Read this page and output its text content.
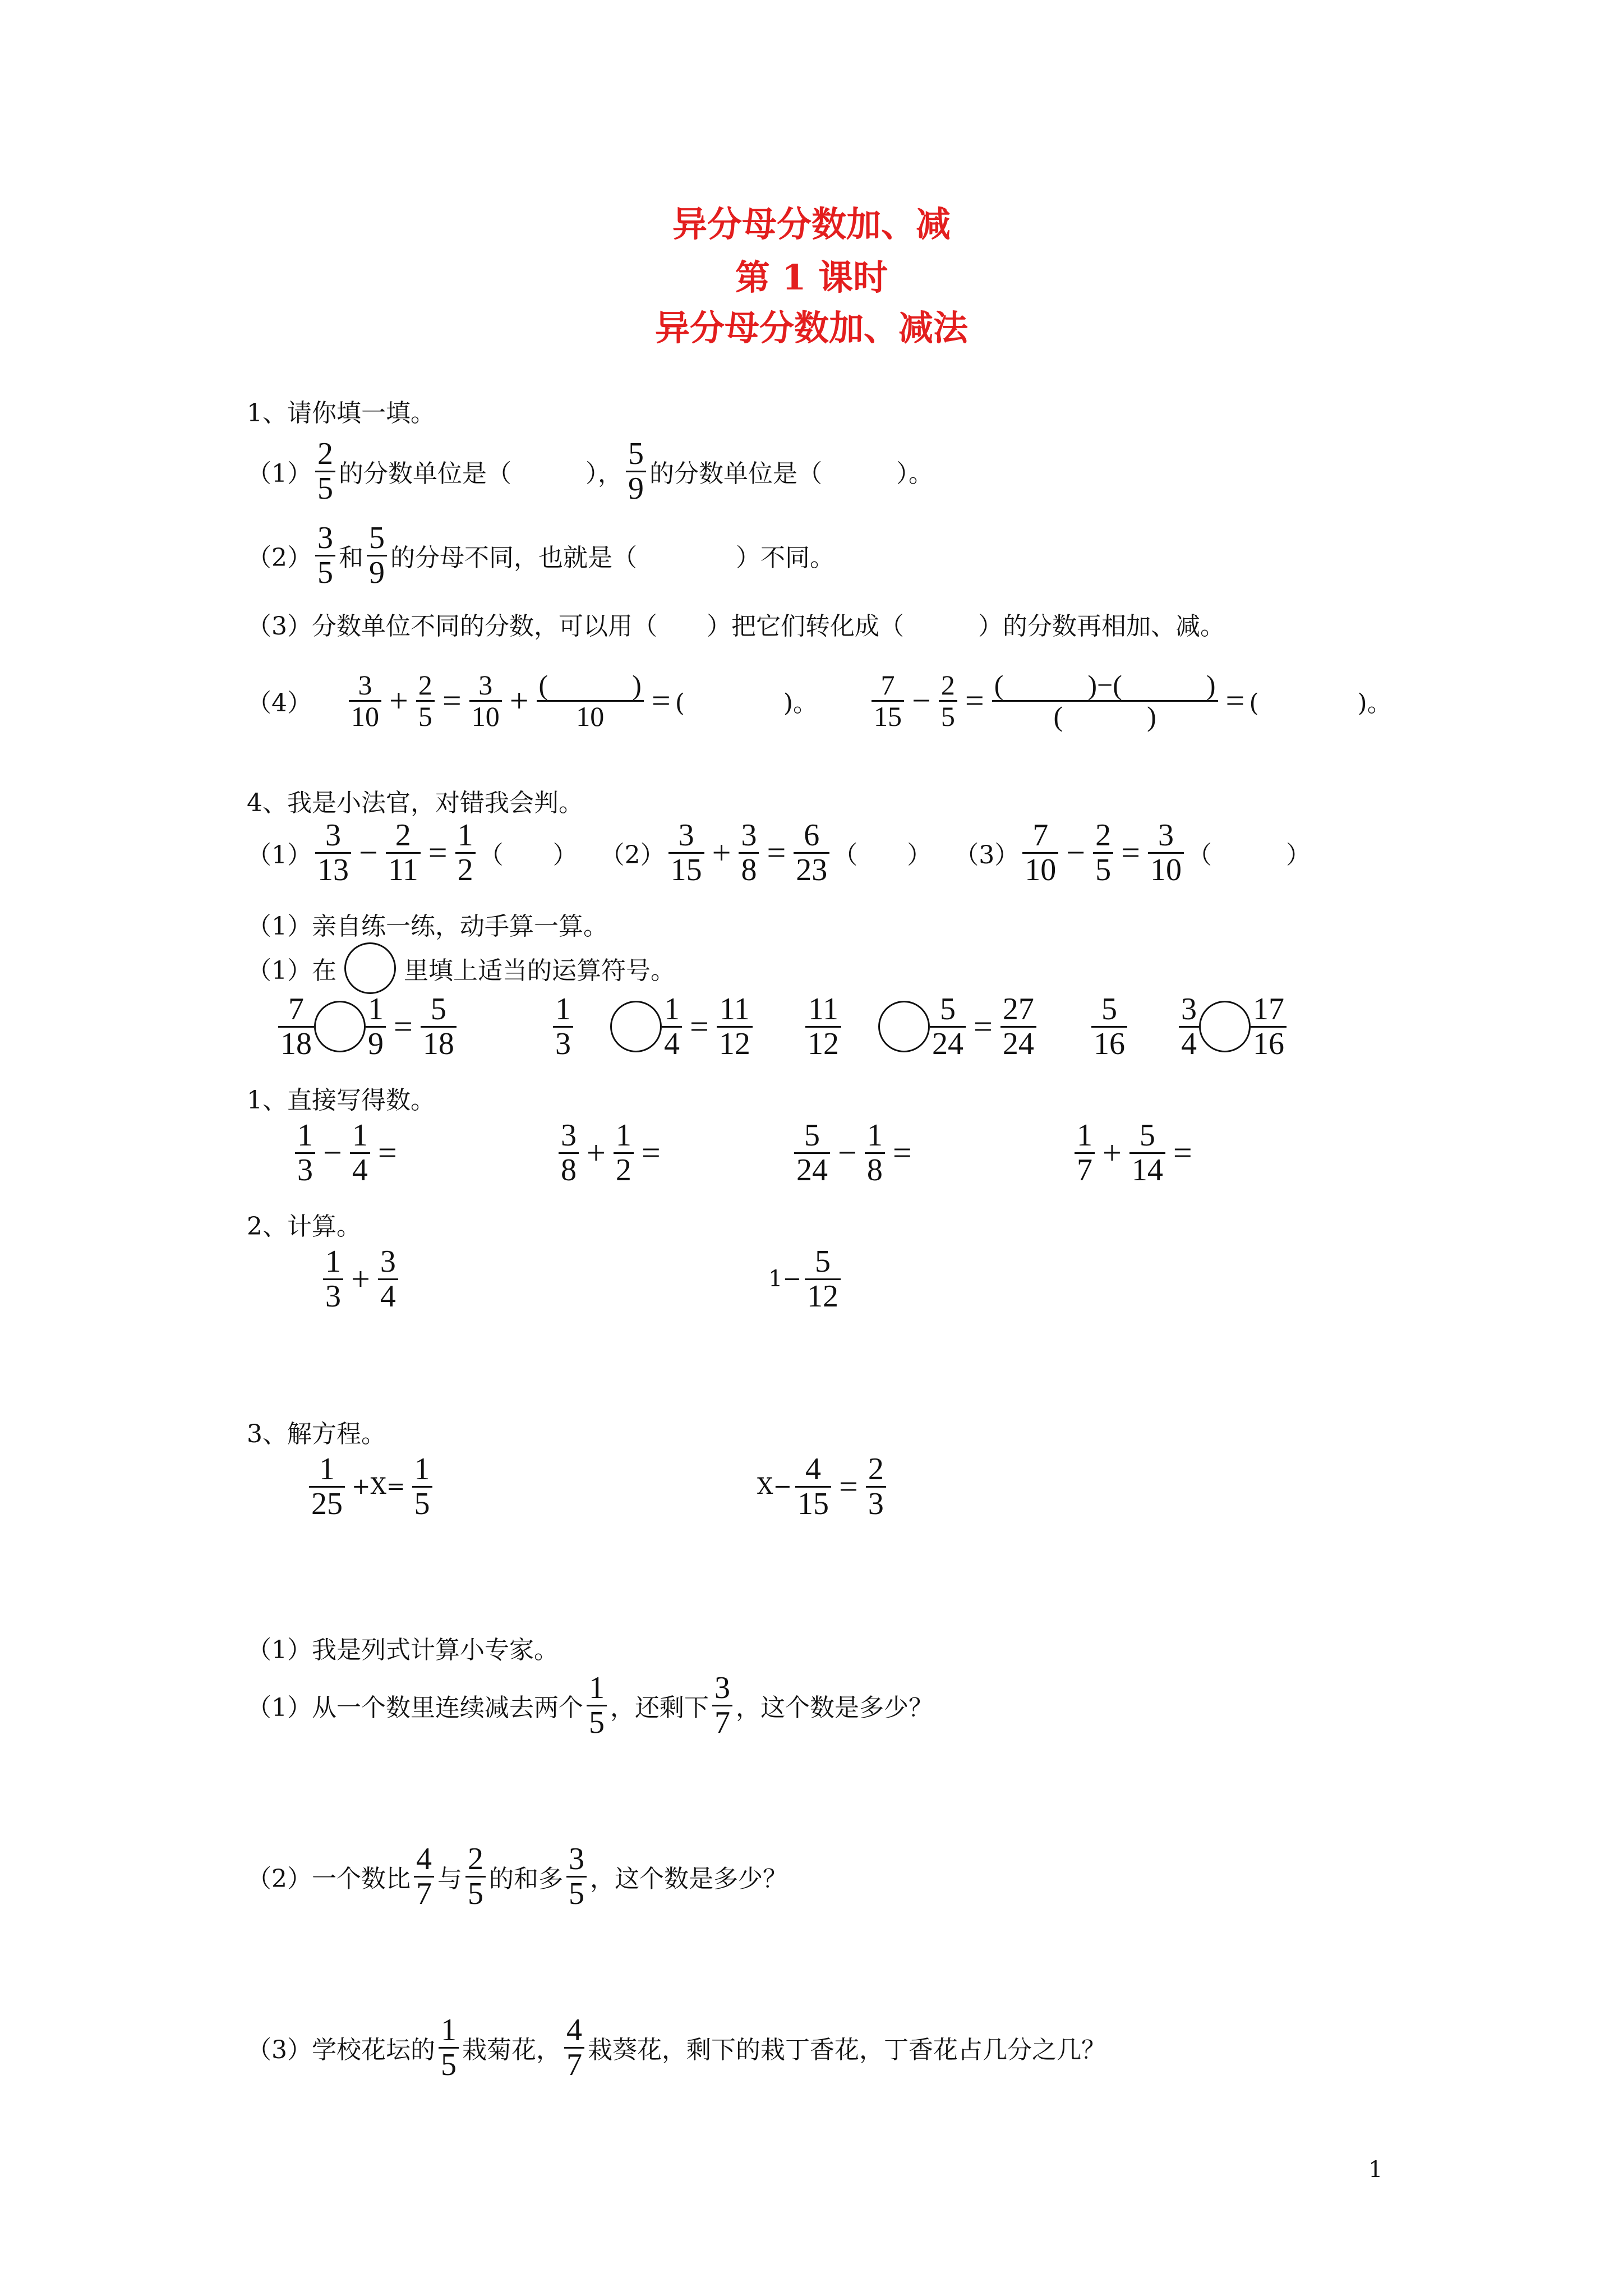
异分母分数加、减
第 1 课时
异分母分数加、减法
1、请你填一填。
（1）
2
5 的分数单位是（　　　），
5
9 的分数单位是（　　　）。
（2）
3
5 和
5
9 的分母不同，也就是（　　　　）不同。
（3）分数单位不同的分数，可以用（　　）把它们转化成（　　　）的分数再相加、减。
（4）
3
10 + 2
5 = 3
10 + (　　　)
10 = (　　　　)。
7
15 − 2
5 = (　　　)−(　　　)
(　　　) = (　　　　)。
4、我是小法官，对错我会判。
（1）
3
13 − 2
11 = 1
2 （　　） （2）
3
15 + 3
8 = 6
23 （　　） （3）
7
10 − 2
5 = 3
10 （　　　）
（1）亲自练一练，动手算一算。
（1）在	里填上适当的运算符号。
7
18
1
9 = 5
18
1
3
1
4 = 11
12
11
12
5
24 = 27
24
5
16
3
4
17
16
1、直接写得数。
1
3 − 1
4 =	3
8 + 1
2 =	5
24 − 1
8 =	1
7 + 5
14 =
2、计算。
1
3 + 3
4	1−
5
12
3、解方程。
1
25 +X=
1
5	X−
4
15 = 2
3
（1）我是列式计算小专家。
（1）从一个数里连续减去两个
1
5 ，还剩下
3
7 ，这个数是多少？
（2）一个数比
4
7 与
2
5 的和多
3
5 ，这个数是多少？
（3）学校花坛的
1
5 栽菊花，
4
7 栽葵花，剩下的栽丁香花，丁香花占几分之几？
1
